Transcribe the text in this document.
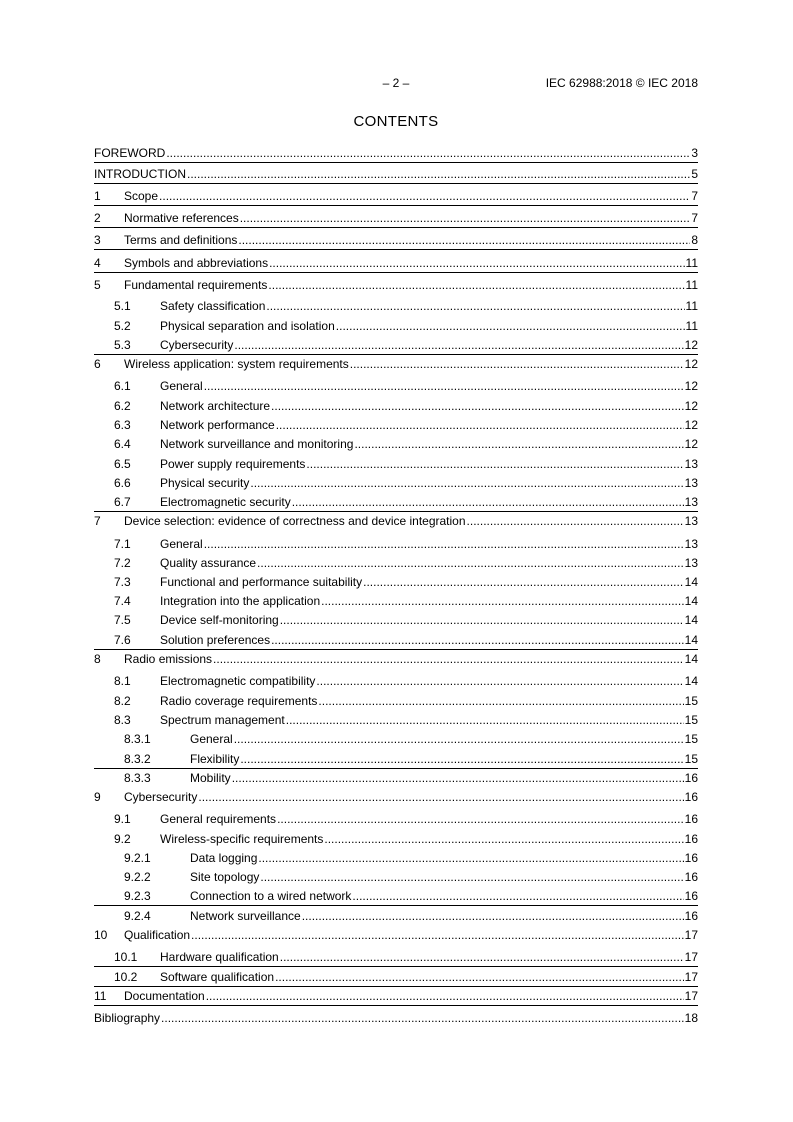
– 2 –	IEC 62988:2018 © IEC 2018
CONTENTS
FOREWORD .....	3
INTRODUCTION .....	5
1	Scope .....	7
2	Normative references .....	7
3	Terms and definitions .....	8
4	Symbols and abbreviations .....	11
5	Fundamental requirements .....	11
5.1	Safety classification .....	11
5.2	Physical separation and isolation .....	11
5.3	Cybersecurity .....	12
6	Wireless application: system requirements .....	12
6.1	General .....	12
6.2	Network architecture .....	12
6.3	Network performance .....	12
6.4	Network surveillance and monitoring .....	12
6.5	Power supply requirements .....	13
6.6	Physical security .....	13
6.7	Electromagnetic security .....	13
7	Device selection: evidence of correctness and device integration .....	13
7.1	General .....	13
7.2	Quality assurance .....	13
7.3	Functional and performance suitability .....	14
7.4	Integration into the application .....	14
7.5	Device self-monitoring .....	14
7.6	Solution preferences .....	14
8	Radio emissions .....	14
8.1	Electromagnetic compatibility .....	14
8.2	Radio coverage requirements .....	15
8.3	Spectrum management .....	15
8.3.1	General .....	15
8.3.2	Flexibility .....	15
8.3.3	Mobility .....	16
9	Cybersecurity .....	16
9.1	General requirements .....	16
9.2	Wireless-specific requirements .....	16
9.2.1	Data logging .....	16
9.2.2	Site topology .....	16
9.2.3	Connection to a wired network .....	16
9.2.4	Network surveillance .....	16
10	Qualification .....	17
10.1	Hardware qualification .....	17
10.2	Software qualification .....	17
11	Documentation .....	17
Bibliography .....	18
